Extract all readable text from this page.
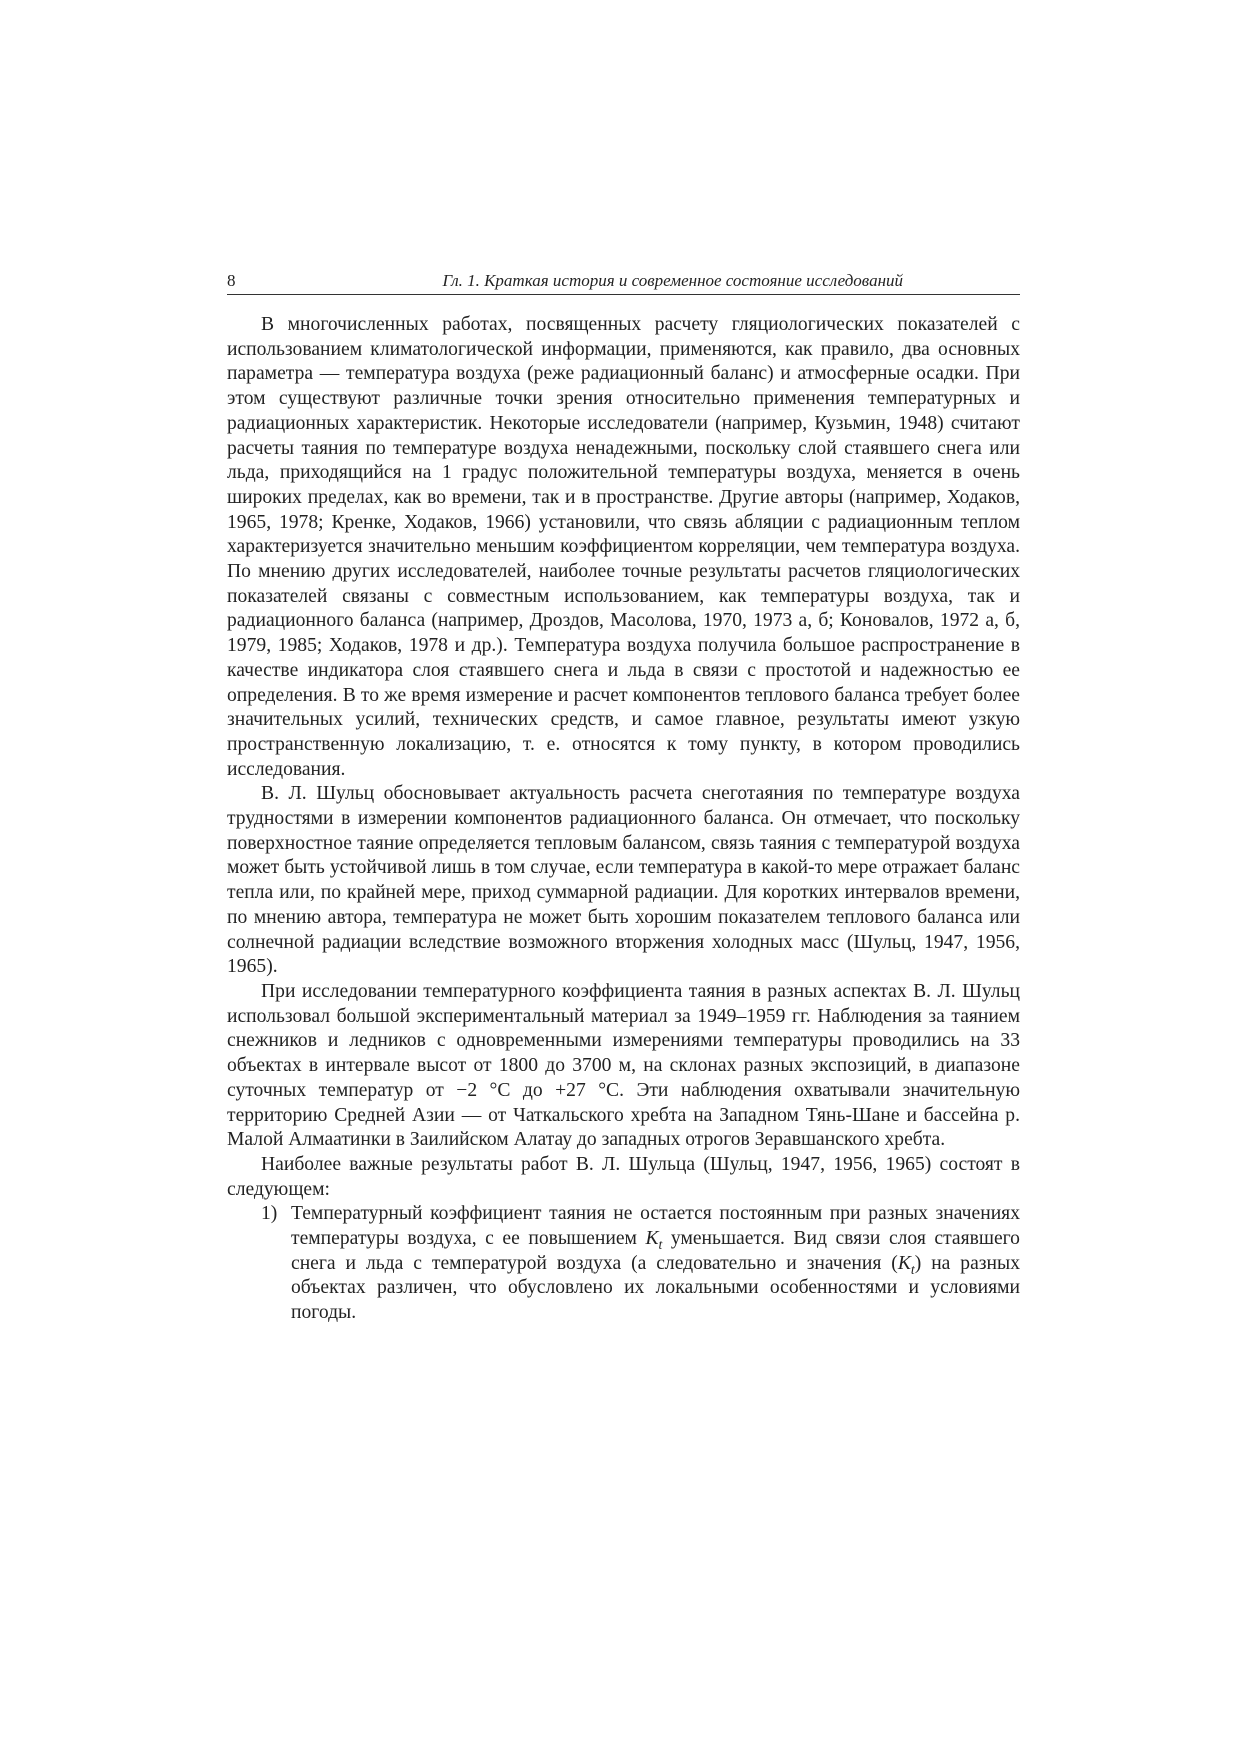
8	Гл. 1. Краткая история и современное состояние исследований

В многочисленных работах, посвященных расчету гляциологических показателей с использованием климатологической информации, применяются, как правило, два основных параметра — температура воздуха (реже радиационный баланс) и атмосферные осадки. При этом существуют различные точки зрения относительно применения температурных и радиационных характеристик. Некоторые исследователи (например, Кузьмин, 1948) считают расчеты таяния по температуре воздуха ненадежными, поскольку слой стаявшего снега или льда, приходящийся на 1 градус положительной температуры воздуха, меняется в очень широких пределах, как во времени, так и в пространстве. Другие авторы (например, Ходаков, 1965, 1978; Кренке, Ходаков, 1966) установили, что связь абляции с радиационным теплом характеризуется значительно меньшим коэффициентом корреляции, чем температура воздуха. По мнению других исследователей, наиболее точные результаты расчетов гляциологических показателей связаны с совместным использованием, как температуры воздуха, так и радиационного баланса (например, Дроздов, Масолова, 1970, 1973 а, б; Коновалов, 1972 а, б, 1979, 1985; Ходаков, 1978 и др.). Температура воздуха получила большое распространение в качестве индикатора слоя стаявшего снега и льда в связи с простотой и надежностью ее определения. В то же время измерение и расчет компонентов теплового баланса требует более значительных усилий, технических средств, и самое главное, результаты имеют узкую пространственную локализацию, т. е. относятся к тому пункту, в котором проводились исследования.

В. Л. Шульц обосновывает актуальность расчета снеготаяния по температуре воздуха трудностями в измерении компонентов радиационного баланса. Он отмечает, что поскольку поверхностное таяние определяется тепловым балансом, связь таяния с температурой воздуха может быть устойчивой лишь в том случае, если температура в какой-то мере отражает баланс тепла или, по крайней мере, приход суммарной радиации. Для коротких интервалов времени, по мнению автора, температура не может быть хорошим показателем теплового баланса или солнечной радиации вследствие возможного вторжения холодных масс (Шульц, 1947, 1956, 1965).

При исследовании температурного коэффициента таяния в разных аспектах В. Л. Шульц использовал большой экспериментальный материал за 1949–1959 гг. Наблюдения за таянием снежников и ледников с одновременными измерениями температуры проводились на 33 объектах в интервале высот от 1800 до 3700 м, на склонах разных экспозиций, в диапазоне суточных температур от −2 °C до +27 °C. Эти наблюдения охватывали значительную территорию Средней Азии — от Чаткальского хребта на Западном Тянь-Шане и бассейна р. Малой Алмаатинки в Заилийском Алатау до западных отрогов Зеравшанского хребта.

Наиболее важные результаты работ В. Л. Шульца (Шульц, 1947, 1956, 1965) состоят в следующем:

1) Температурный коэффициент таяния не остается постоянным при разных значениях температуры воздуха, с ее повышением $K_t$ уменьшается. Вид связи слоя стаявшего снега и льда с температурой воздуха (а следовательно и значения $(K_t)$ на разных объектах различен, что обусловлено их локальными особенностями и условиями погоды.
